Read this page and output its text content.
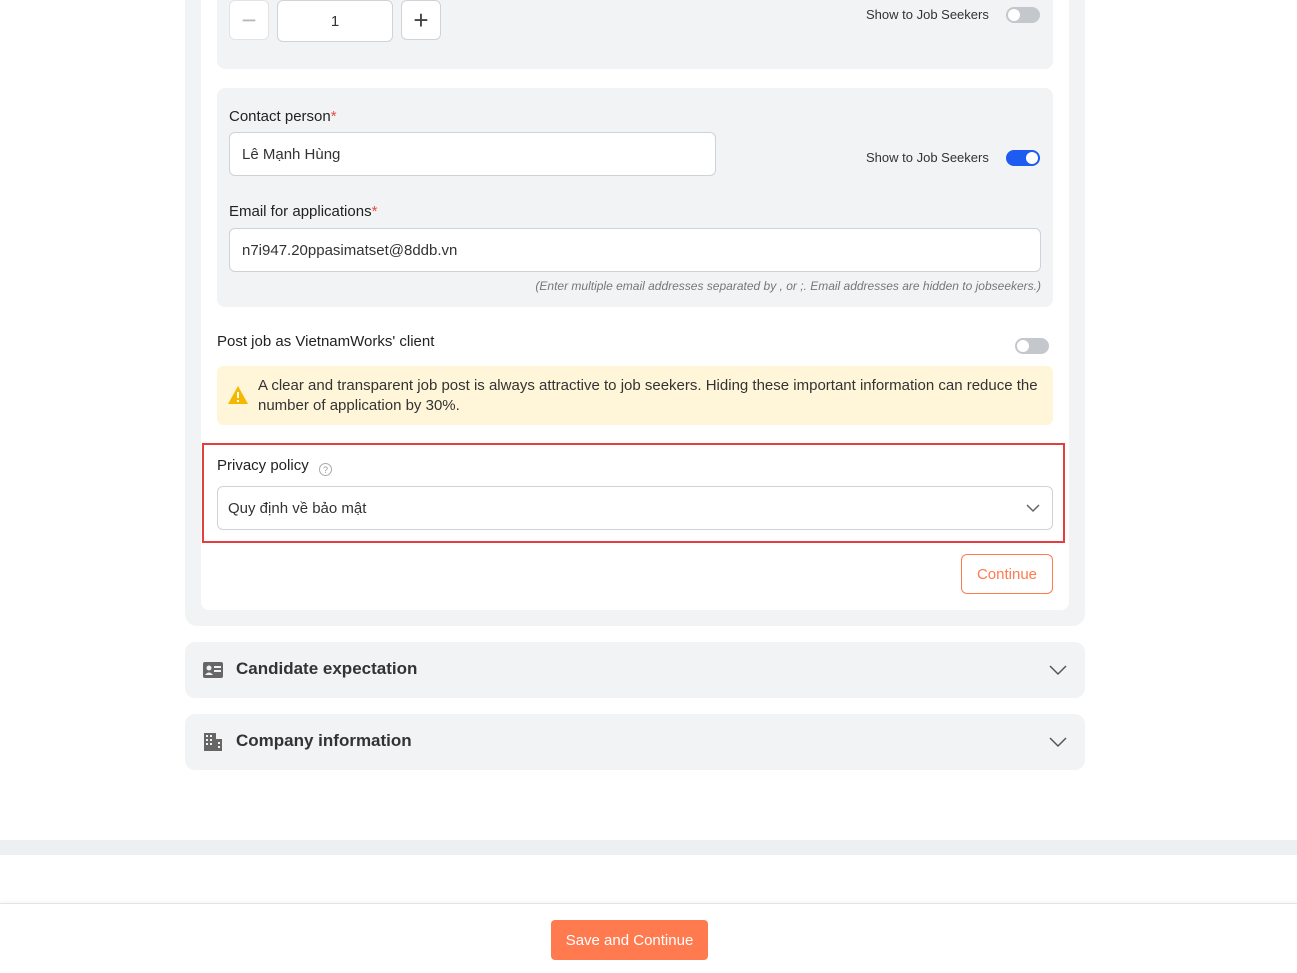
−	1	+	Show to Job Seekers
Contact person*
Lê Mạnh Hùng	Show to Job Seekers
Email for applications*
n7i947.20ppasimatset@8ddb.vn
(Enter multiple email addresses separated by , or ;. Email addresses are hidden to jobseekers.)
Post job as VietnamWorks' client
A clear and transparent job post is always attractive to job seekers. Hiding these important information can reduce the number of application by 30%.
Privacy policy	?
Quy định về bảo mật
Continue
Candidate expectation
Company information
Save and Continue
